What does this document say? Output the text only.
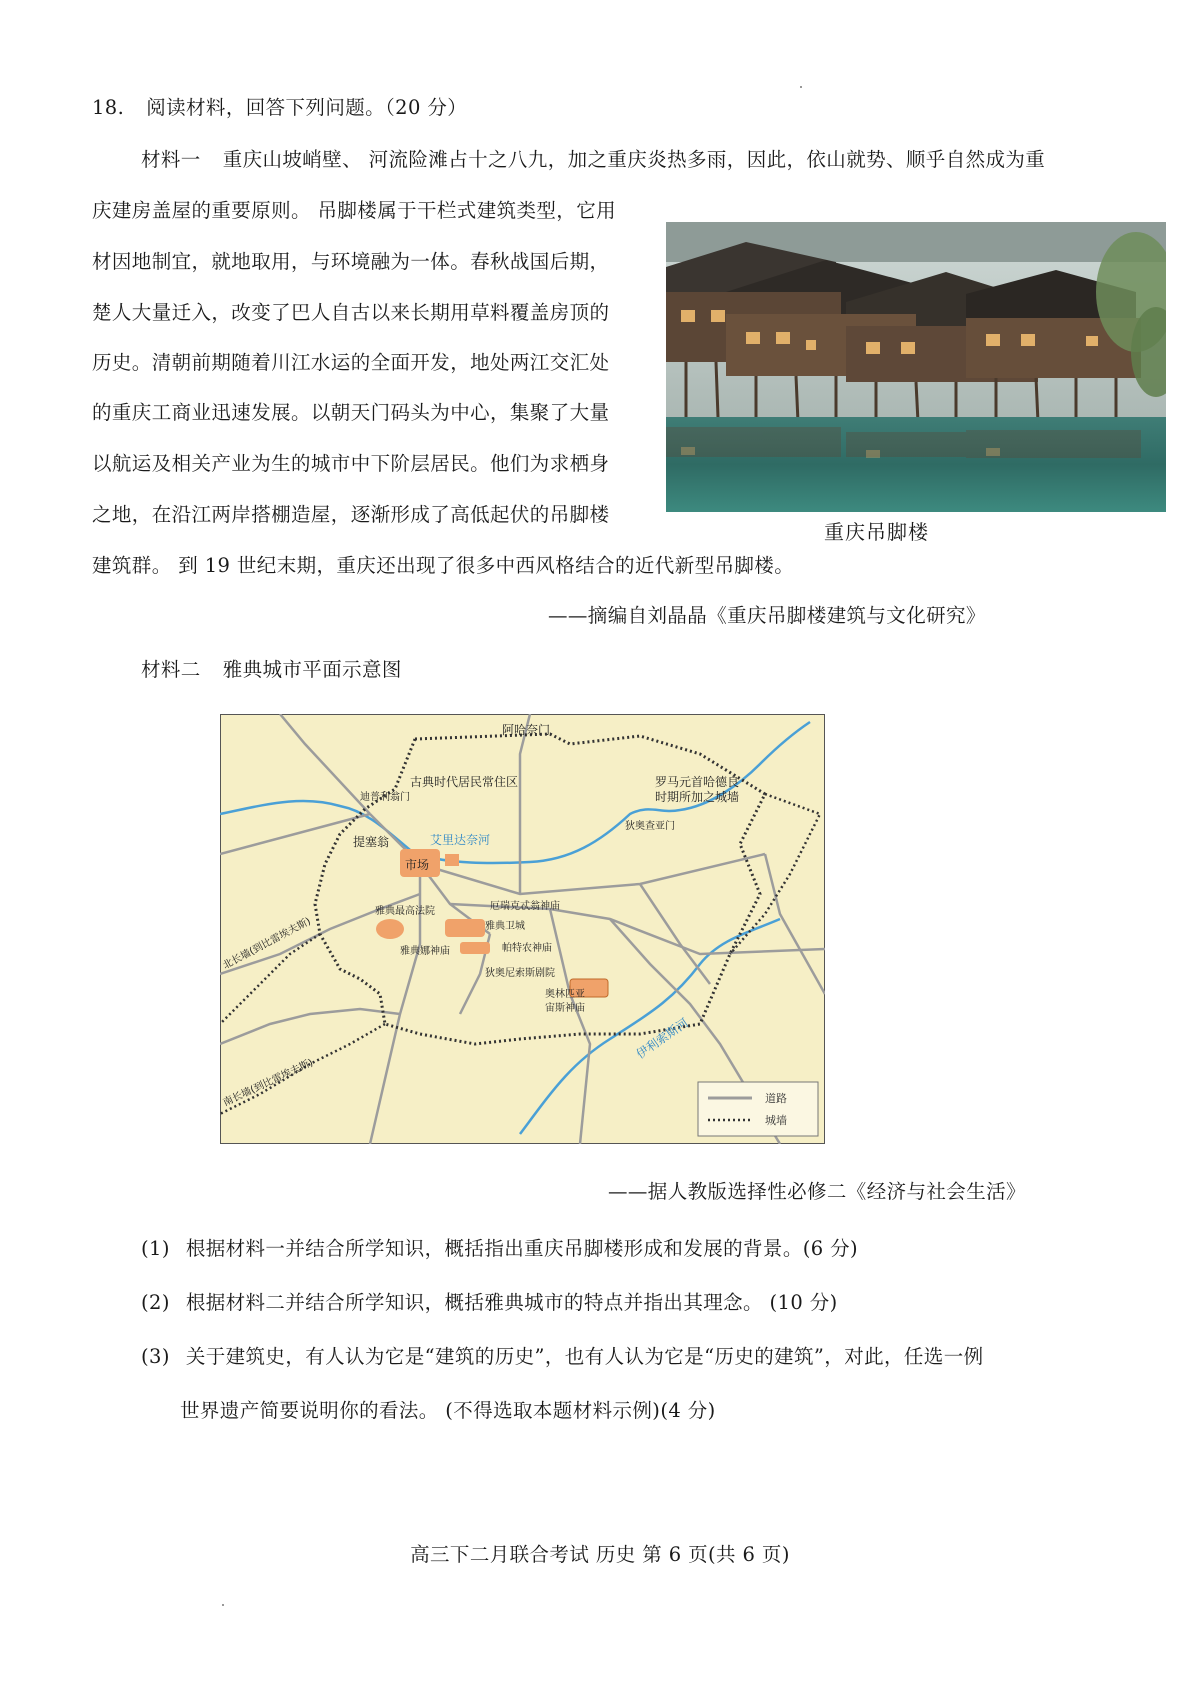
18. 阅读材料，回答下列问题。（20 分）
材料一 重庆山坡峭壁、 河流险滩占十之八九，加之重庆炎热多雨，因此，依山就势、顺乎自然成为重
庆建房盖屋的重要原则。 吊脚楼属于干栏式建筑类型，它用
材因地制宜，就地取用，与环境融为一体。春秋战国后期，
楚人大量迁入，改变了巴人自古以来长期用草料覆盖房顶的
历史。清朝前期随着川江水运的全面开发，地处两江交汇处
的重庆工商业迅速发展。以朝天门码头为中心，集聚了大量
以航运及相关产业为生的城市中下阶层居民。他们为求栖身
之地，在沿江两岸搭棚造屋，逐渐形成了高低起伏的吊脚楼
建筑群。 到 19 世纪末期，重庆还出现了很多中西风格结合的近代新型吊脚楼。
重庆吊脚楼
——摘编自刘晶晶《重庆吊脚楼建筑与文化研究》
材料二 雅典城市平面示意图
阿哈奈门
古典时代居民常住区	罗马元首哈德良
时期所加之城墙
迪普利翁门
狄奥查亚门
艾里达奈河
提塞翁
市场
厄瑞克忒翁神庙
雅典最高法院
雅典卫城
雅典娜神庙	帕特农神庙
狄奥尼索斯剧院
奥林匹亚
宙斯神庙
伊利索斯河
北长墙(到比雷埃夫斯)
南长墙(到比雷埃夫斯)	道路
城墙
——据人教版选择性必修二《经济与社会生活》
(1) 根据材料一并结合所学知识，概括指出重庆吊脚楼形成和发展的背景。(6 分)
(2) 根据材料二并结合所学知识，概括雅典城市的特点并指出其理念。 (10 分)
(3) 关于建筑史，有人认为它是“建筑的历史”，也有人认为它是“历史的建筑”，对此，任选一例
世界遗产简要说明你的看法。 (不得选取本题材料示例)(4 分)
高三下二月联合考试 历史 第 6 页(共 6 页)
